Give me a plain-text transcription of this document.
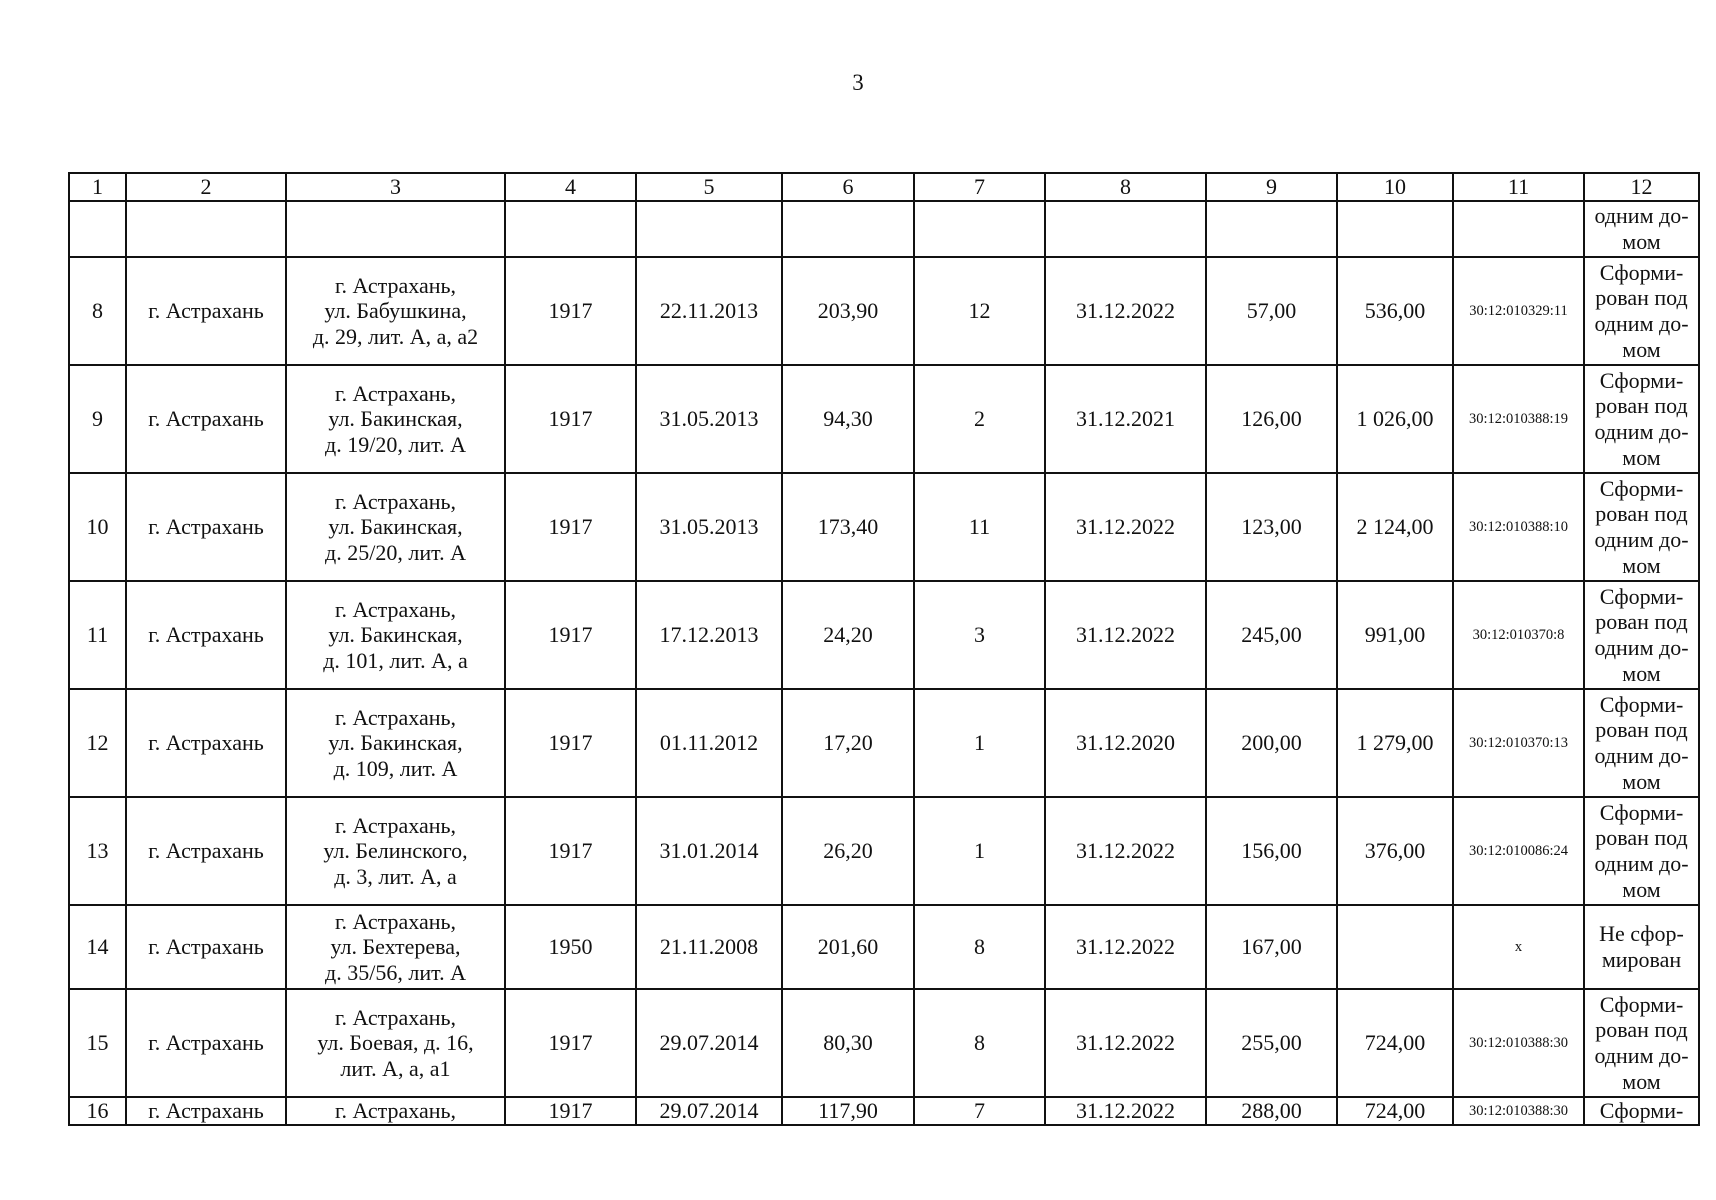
3
1	2	3	4	5	6	7	8	9	10	11	12

											одним до-
мом

8	г. Астрахань	г. Астрахань,
ул. Бабушкина,
д. 29, лит. А, а, а2	1917	22.11.2013	203,90	12	31.12.2022	57,00	536,00	30:12:010329:11	Сформи-
рован под
одним до-
мом

9	г. Астрахань	г. Астрахань,
ул. Бакинская,
д. 19/20, лит. А	1917	31.05.2013	94,30	2	31.12.2021	126,00	1 026,00	30:12:010388:19	Сформи-
рован под
одним до-
мом

10	г. Астрахань	г. Астрахань,
ул. Бакинская,
д. 25/20, лит. А	1917	31.05.2013	173,40	11	31.12.2022	123,00	2 124,00	30:12:010388:10	Сформи-
рован под
одним до-
мом

11	г. Астрахань	г. Астрахань,
ул. Бакинская,
д. 101, лит. А, а	1917	17.12.2013	24,20	3	31.12.2022	245,00	991,00	30:12:010370:8	Сформи-
рован под
одним до-
мом

12	г. Астрахань	г. Астрахань,
ул. Бакинская,
д. 109, лит. А	1917	01.11.2012	17,20	1	31.12.2020	200,00	1 279,00	30:12:010370:13	Сформи-
рован под
одним до-
мом

13	г. Астрахань	г. Астрахань,
ул. Белинского,
д. 3, лит. А, а	1917	31.01.2014	26,20	1	31.12.2022	156,00	376,00	30:12:010086:24	Сформи-
рован под
одним до-
мом

14	г. Астрахань	г. Астрахань,
ул. Бехтерева,
д. 35/56, лит. А	1950	21.11.2008	201,60	8	31.12.2022	167,00		x	Не сфор-
мирован

15	г. Астрахань	г. Астрахань,
ул. Боевая, д. 16,
лит. А, а, а1	1917	29.07.2014	80,30	8	31.12.2022	255,00	724,00	30:12:010388:30	Сформи-
рован под
одним до-
мом

16	г. Астрахань	г. Астрахань,	1917	29.07.2014	117,90	7	31.12.2022	288,00	724,00	30:12:010388:30	Сформи-
